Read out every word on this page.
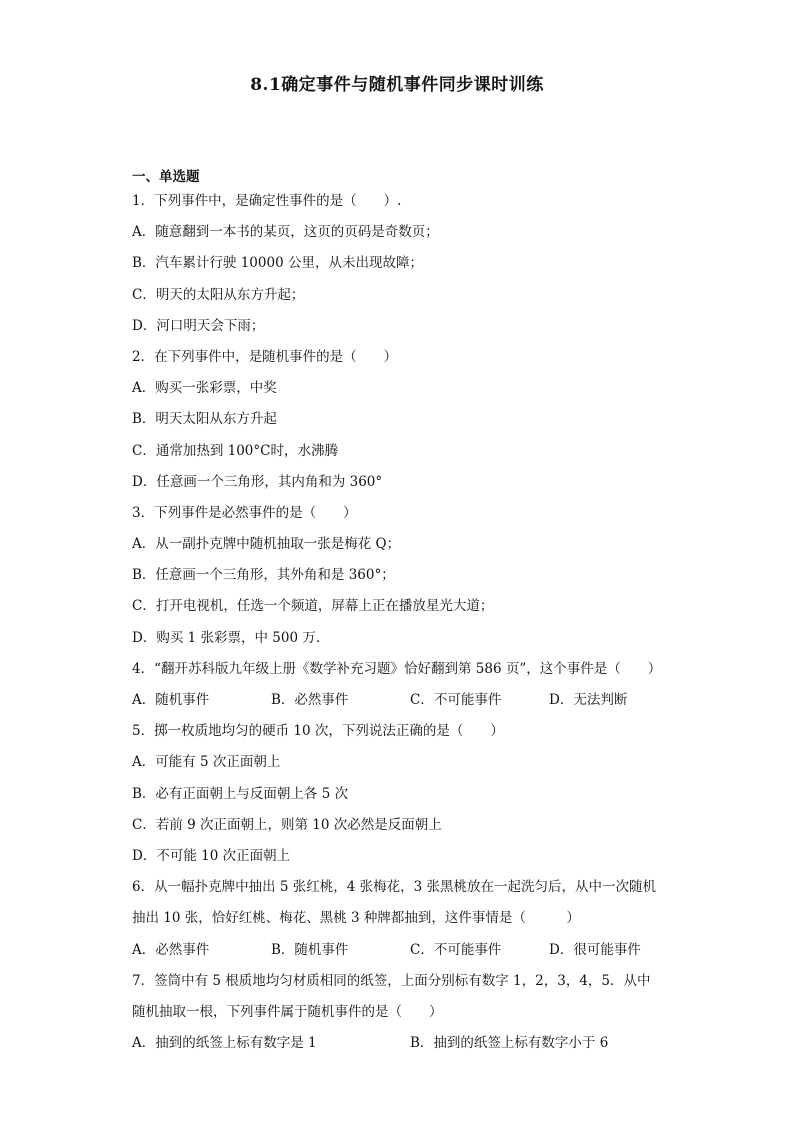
8.1确定事件与随机事件同步课时训练
一、单选题
1．下列事件中，是确定性事件的是（　　）.
A．随意翻到一本书的某页，这页的页码是奇数页；
B．汽车累计行驶 10000 公里，从未出现故障；
C．明天的太阳从东方升起；
D．河口明天会下雨；
2．在下列事件中，是随机事件的是（　　）
A．购买一张彩票，中奖
B．明天太阳从东方升起
C．通常加热到 100°C时，水沸腾
D．任意画一个三角形，其内角和为 360°
3．下列事件是必然事件的是（　　）
A．从一副扑克牌中随机抽取一张是梅花 Q；
B．任意画一个三角形，其外角和是 360°；
C．打开电视机，任选一个频道，屏幕上正在播放星光大道；
D．购买 1 张彩票，中 500 万.
4．“翻开苏科版九年级上册《数学补充习题》恰好翻到第 586 页”，这个事件是（　　）
A．随机事件	B．必然事件	C．不可能事件	D．无法判断
5．掷一枚质地均匀的硬币 10 次，下列说法正确的是（　　）
A．可能有 5 次正面朝上
B．必有正面朝上与反面朝上各 5 次
C．若前 9 次正面朝上，则第 10 次必然是反面朝上
D．不可能 10 次正面朝上
6．从一幅扑克牌中抽出 5 张红桃，4 张梅花，3 张黑桃放在一起洗匀后，从中一次随机
抽出 10 张，恰好红桃、梅花、黑桃 3 种牌都抽到，这件事情是（　　　）
A．必然事件	B．随机事件	C．不可能事件	D．很可能事件
7．签筒中有 5 根质地均匀材质相同的纸签，上面分别标有数字 1，2，3，4，5．从中
随机抽取一根，下列事件属于随机事件的是（　　）
A．抽到的纸签上标有数字是 1	B．抽到的纸签上标有数字小于 6
